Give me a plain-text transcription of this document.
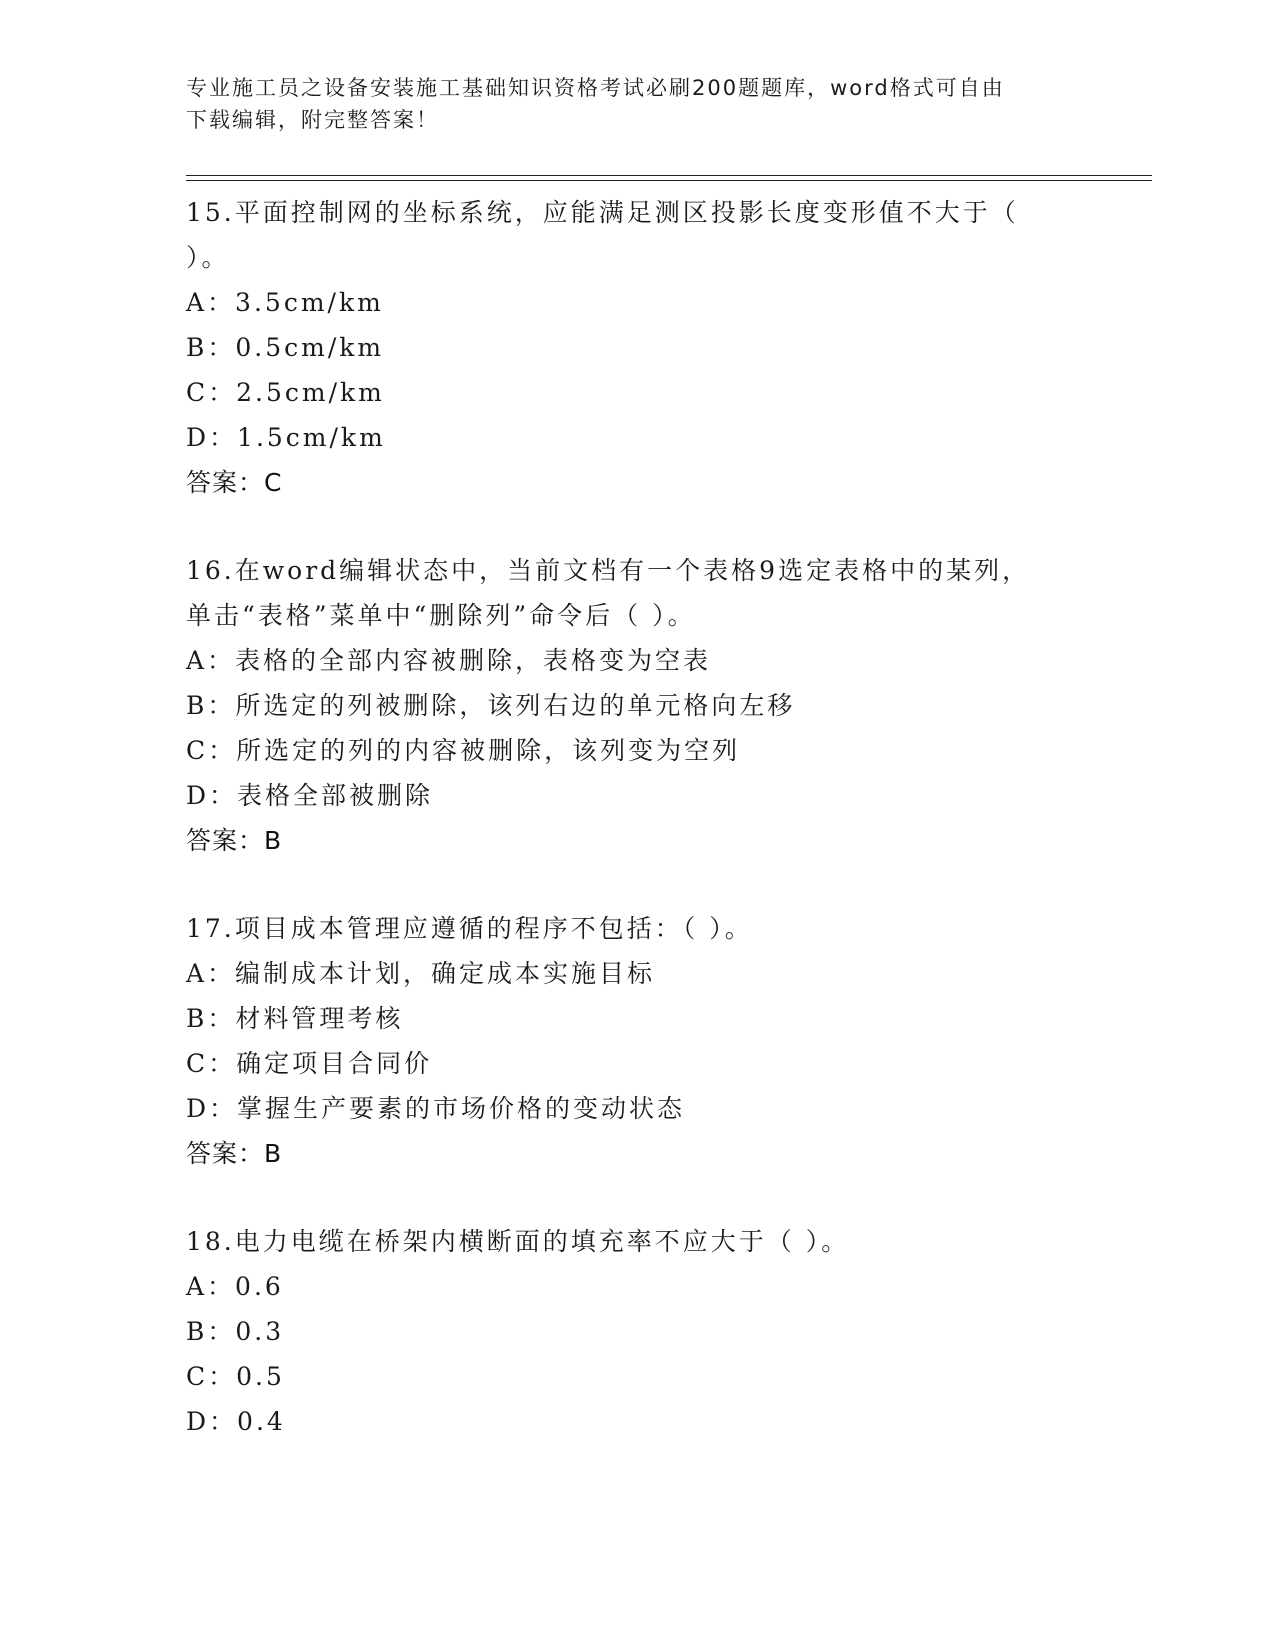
专业施工员之设备安装施工基础知识资格考试必刷200题题库，word格式可自由
下载编辑，附完整答案！
15.平面控制网的坐标系统，应能满足测区投影长度变形值不大于（
）。
A：3.5cm/km
B：0.5cm/km
C：2.5cm/km
D：1.5cm/km
答案：C
16.在word编辑状态中，当前文档有一个表格9选定表格中的某列，
单击“表格”菜单中“删除列”命令后（ ）。
A：表格的全部内容被删除，表格变为空表
B：所选定的列被删除，该列右边的单元格向左移
C：所选定的列的内容被删除，该列变为空列
D：表格全部被删除
答案：B
17.项目成本管理应遵循的程序不包括：（ ）。
A：编制成本计划，确定成本实施目标
B：材料管理考核
C：确定项目合同价
D：掌握生产要素的市场价格的变动状态
答案：B
18.电力电缆在桥架内横断面的填充率不应大于（ ）。
A：0.6
B：0.3
C：0.5
D：0.4
